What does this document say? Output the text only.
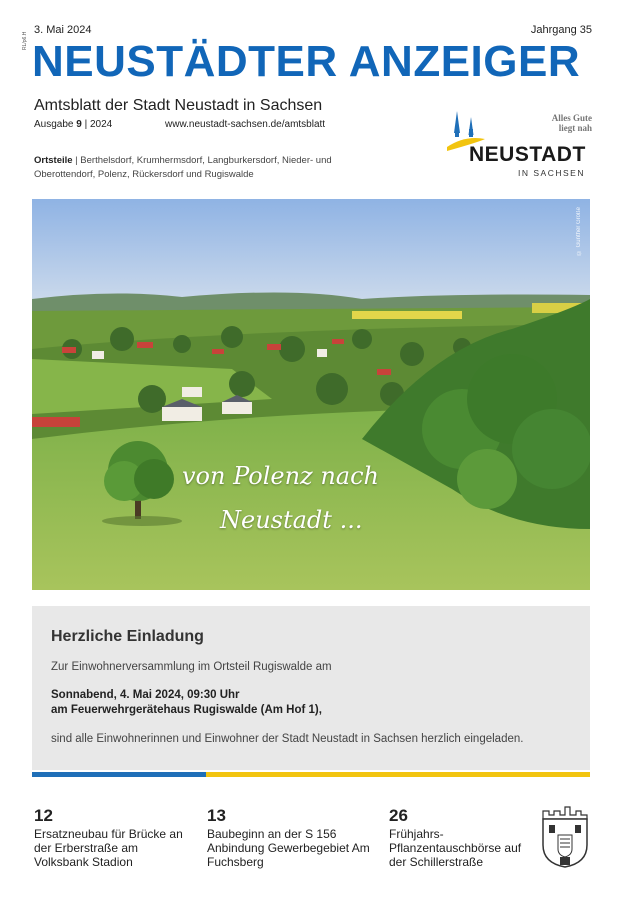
RL/p6.H
3. Mai 2024	Jahrgang 35
NEUSTÄDTER ANZEIGER
Amtsblatt der Stadt Neustadt in Sachsen
Ausgabe 9 | 2024	www.neustadt-sachsen.de/amtsblatt
Ortsteile | Berthelsdorf, Krumhermsdorf, Langburkersdorf, Nieder- und Oberottendorf, Polenz, Rückersdorf und Rugiswalde
Alles Gute
liegt nah
NEUSTADT
IN SACHSEN
© Gunther Große
von Polenz nach
Neustadt ...
Herzliche Einladung
Zur Einwohnerversammlung im Ortsteil Rugiswalde am
Sonnabend, 4. Mai 2024, 09:30 Uhr
am Feuerwehrgerätehaus Rugiswalde (Am Hof 1),
sind alle Einwohnerinnen und Einwohner der Stadt Neustadt in Sachsen herzlich eingeladen.
12
Ersatzneubau für Brücke an der Erberstraße am Volksbank Stadion
13
Baubeginn an der S 156 Anbindung Gewerbegebiet Am Fuchsberg
26
Frühjahrs-Pflanzentauschbörse auf der Schillerstraße
